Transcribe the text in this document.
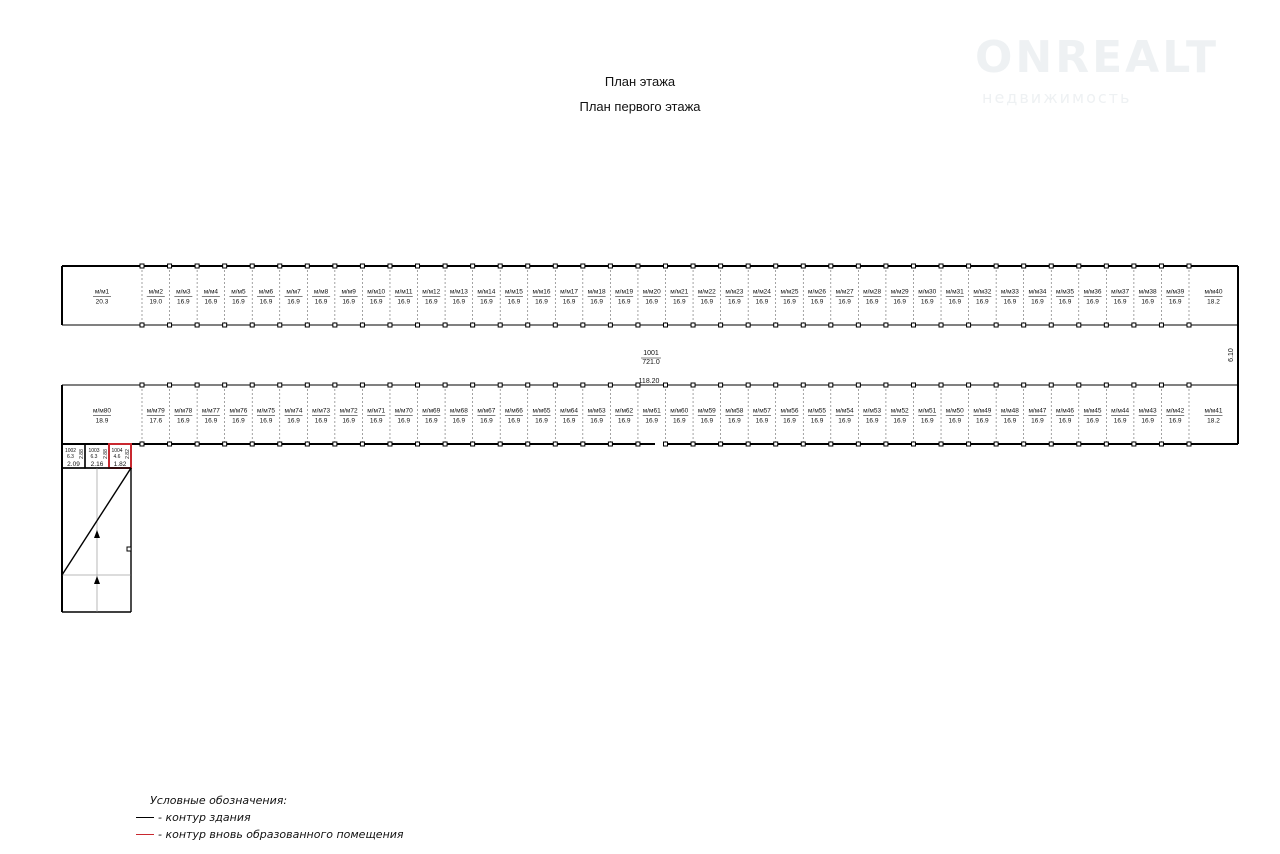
ONREALT
недвижимость
План этажа
План первого этажа
м/м1
20.3
м/м2
19.0
м/м3
16.9
м/м4
16.9
м/м5
16.9
м/м6
16.9
м/м7
16.9
м/м8
16.9
м/м9
16.9
м/м10
16.9
м/м11
16.9
м/м12
16.9
м/м13
16.9
м/м14
16.9
м/м15
16.9
м/м16
16.9
м/м17
16.9
м/м18
16.9
м/м19
16.9
м/м20
16.9
м/м21
16.9
м/м22
16.9
м/м23
16.9
м/м24
16.9
м/м25
16.9
м/м26
16.9
м/м27
16.9
м/м28
16.9
м/м29
16.9
м/м30
16.9
м/м31
16.9
м/м32
16.9
м/м33
16.9
м/м34
16.9
м/м35
16.9
м/м36
16.9
м/м37
16.9
м/м38
16.9
м/м39
16.9
м/м40
18.2
м/м80
18.9
м/м79
17.6
м/м78
16.9
м/м77
16.9
м/м76
16.9
м/м75
16.9
м/м74
16.9
м/м73
16.9
м/м72
16.9
м/м71
16.9
м/м70
16.9
м/м69
16.9
м/м68
16.9
м/м67
16.9
м/м66
16.9
м/м65
16.9
м/м64
16.9
м/м63
16.9
м/м62
16.9
м/м61
16.9
м/м60
16.9
м/м59
16.9
м/м58
16.9
м/м57
16.9
м/м56
16.9
м/м55
16.9
м/м54
16.9
м/м53
16.9
м/м52
16.9
м/м51
16.9
м/м50
16.9
м/м49
16.9
м/м48
16.9
м/м47
16.9
м/м46
16.9
м/м45
16.9
м/м44
16.9
м/м43
16.9
м/м42
16.9
м/м41
18.2
1001
721.0
118.20
6.10
1002
6.3
2.09
2.88 1003
6.3
2.16
2.88 1004
4.6
1.82
2.82
Условные обозначения:
- контур здания
- контур вновь образованного помещения
